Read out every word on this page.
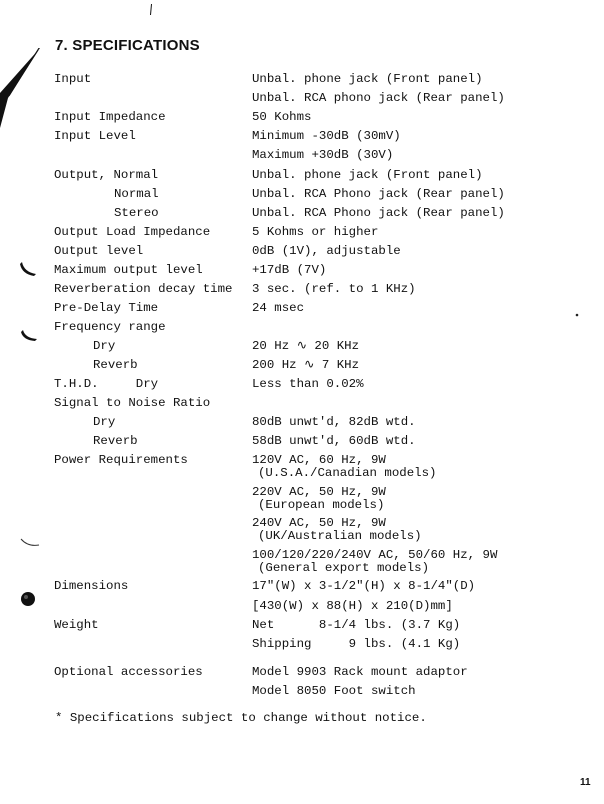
7. SPECIFICATIONS
Input	Unbal. phone jack (Front panel)
Unbal. RCA phono jack (Rear panel)
Input Impedance	50 Kohms
Input Level	Minimum -30dB (30mV)
Maximum +30dB (30V)
Output, Normal	Unbal. phone jack (Front panel)
Normal	Unbal. RCA Phono jack (Rear panel)
Stereo	Unbal. RCA Phono jack (Rear panel)
Output Load Impedance	5 Kohms or higher
Output level	0dB (1V), adjustable
Maximum output level	+17dB (7V)
Reverberation decay time 3 sec. (ref. to 1 KHz)
Pre-Delay Time	24 msec
Frequency range
Dry	20 Hz ∿ 20 KHz
Reverb	200 Hz ∿ 7 KHz
T.H.D.     Dry	Less than 0.02%
Signal to Noise Ratio
Dry	80dB unwt'd, 82dB wtd.
Reverb	58dB unwt'd, 60dB wtd.
Power Requirements	120V AC, 60 Hz, 9W
(U.S.A./Canadian models)
220V AC, 50 Hz, 9W
(European models)
240V AC, 50 Hz, 9W
(UK/Australian models)
100/120/220/240V AC, 50/60 Hz, 9W
(General export models)
Dimensions	17"(W) x 3-1/2"(H) x 8-1/4"(D)
[430(W) x 88(H) x 210(D)mm]
Weight	Net      8-1/4 lbs. (3.7 Kg)
Shipping     9 lbs. (4.1 Kg)
Optional accessories	Model 9903 Rack mount adaptor
Model 8050 Foot switch
* Specifications subject to change without notice.
11
